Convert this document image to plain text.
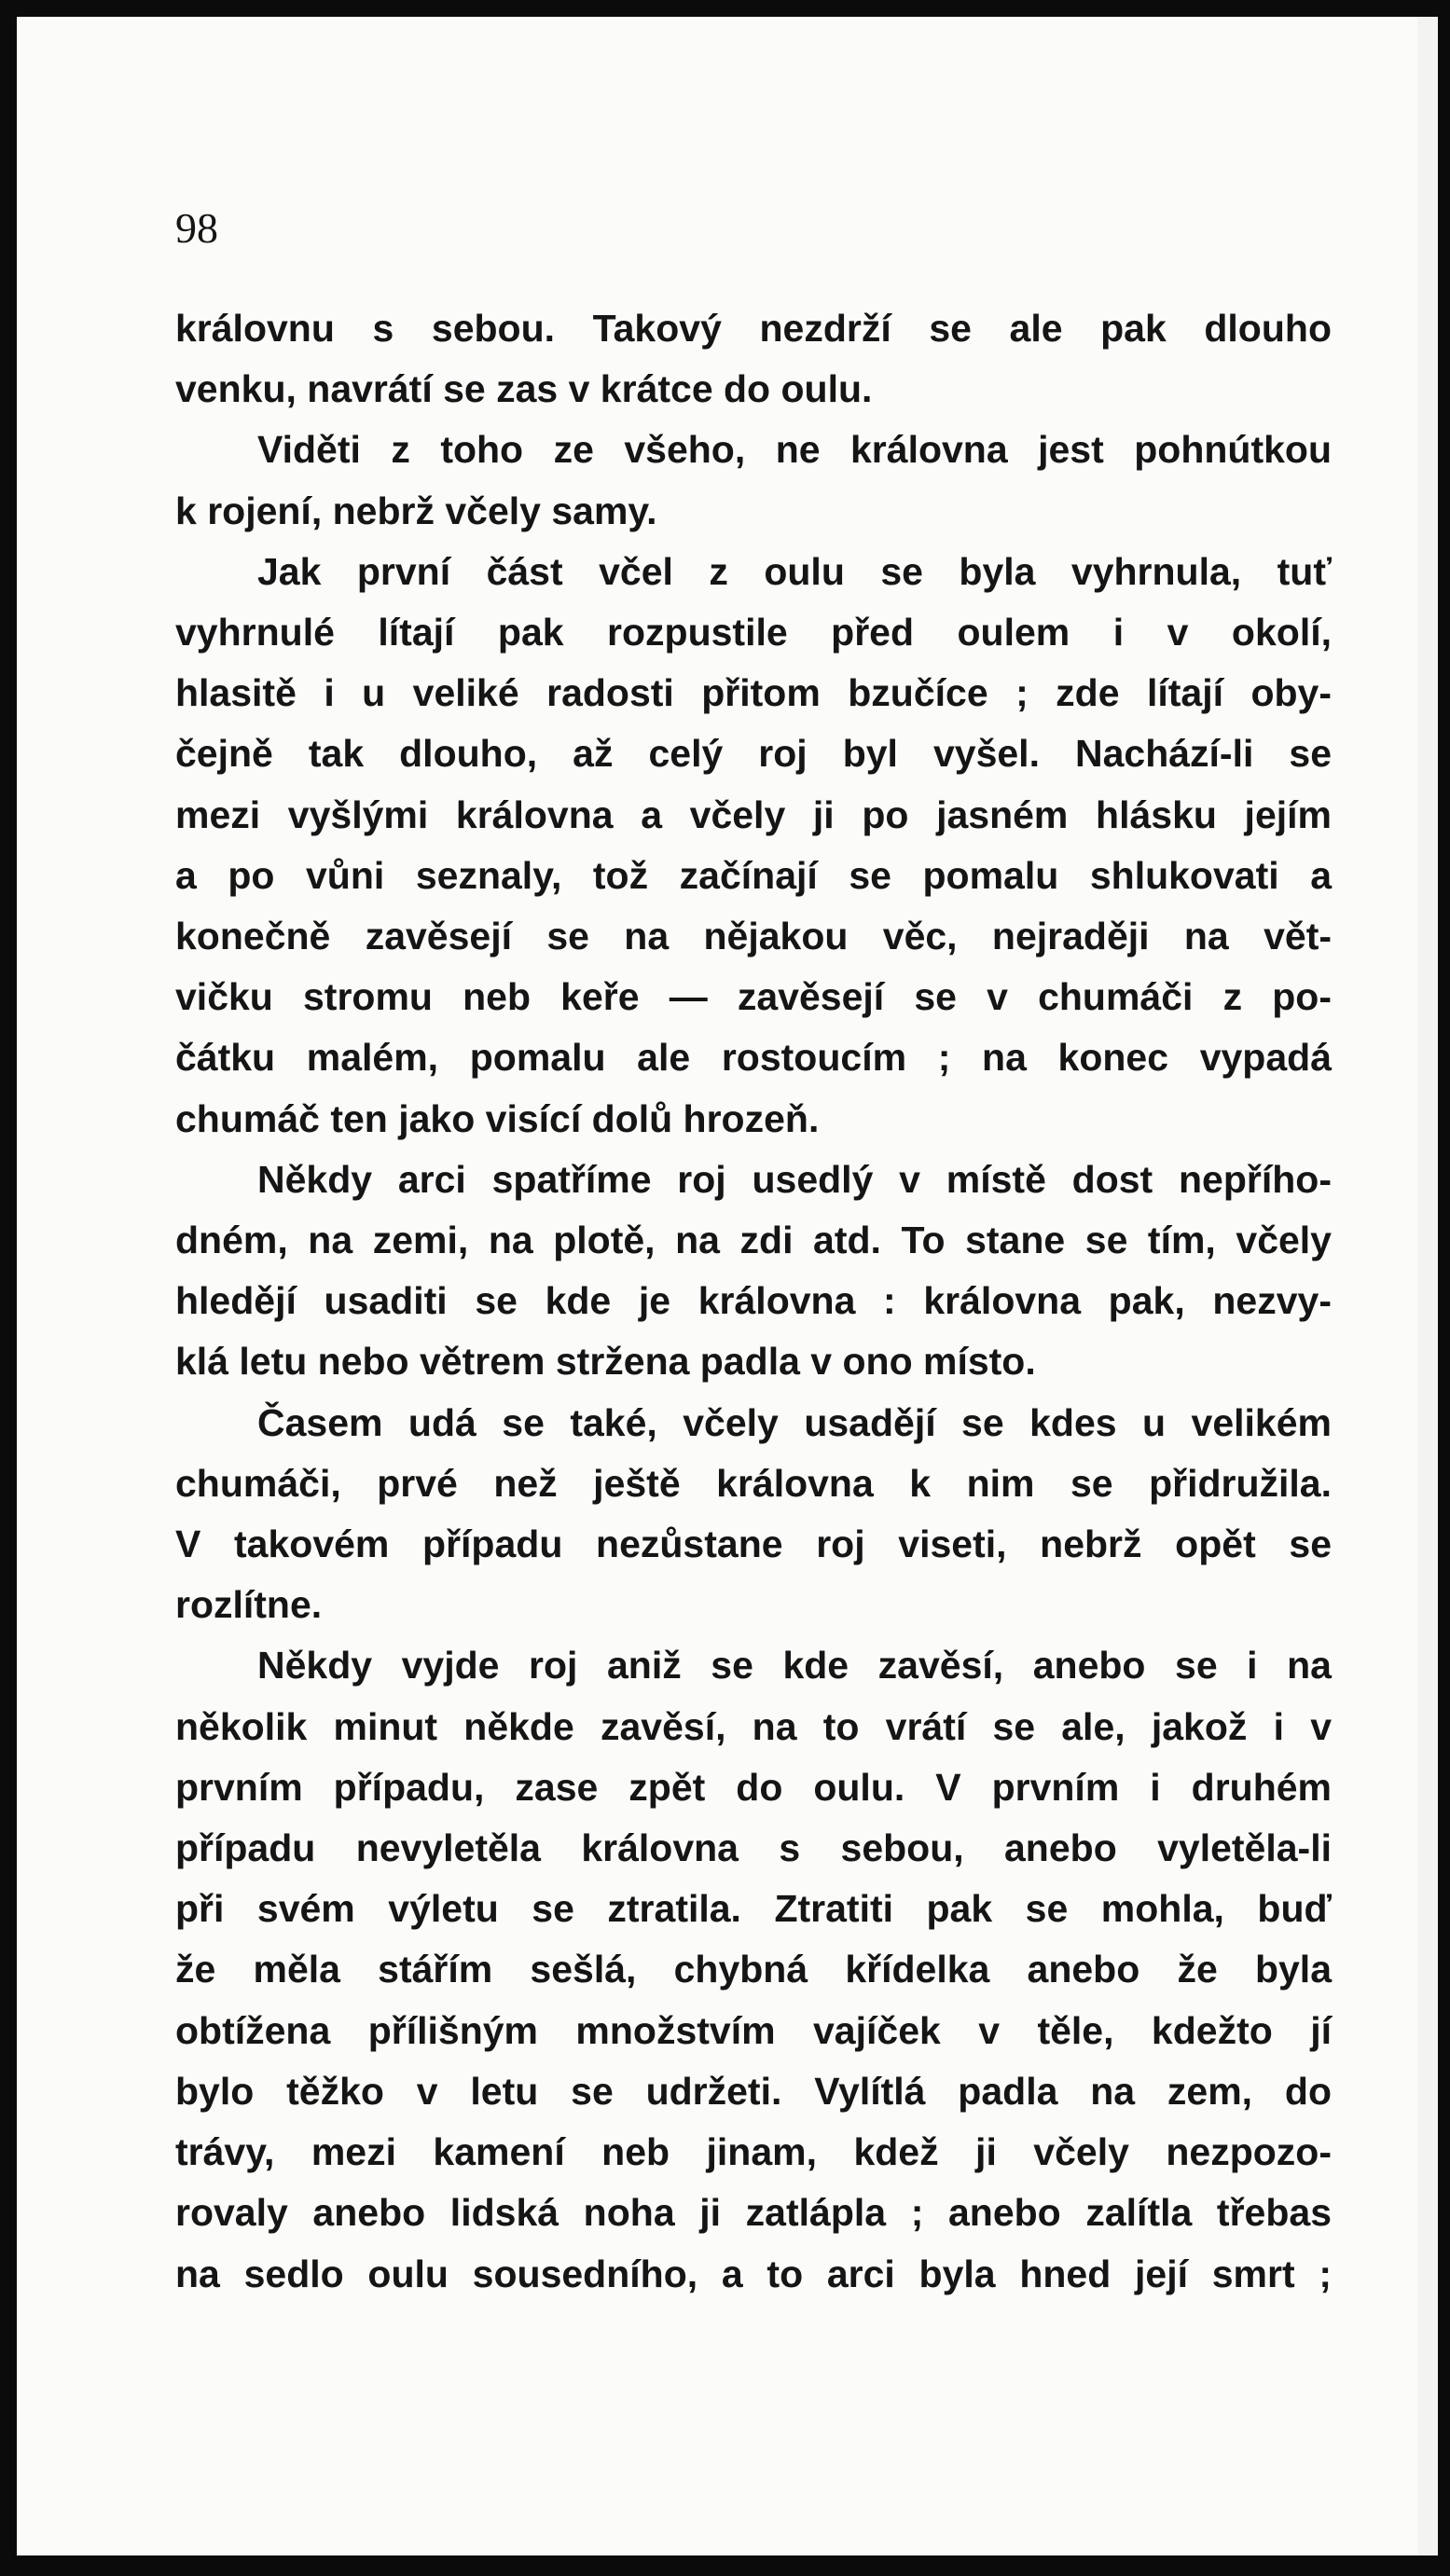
98

královnu s sebou. Takový nezdrží se ale pak dlouho
venku, navrátí se zas v krátce do oulu.

Viděti z toho ze všeho, ne královna jest pohnútkou
k rojení, nebrž včely samy.

Jak první část včel z oulu se byla vyhrnula, tuť
vyhrnulé lítají pak rozpustile před oulem i v okolí,
hlasitě i u veliké radosti přitom bzučíce ; zde lítají oby-
čejně tak dlouho, až celý roj byl vyšel. Nachází-li se
mezi vyšlými královna a včely ji po jasném hlásku jejím
a po vůni seznaly, tož začínají se pomalu shlukovati a
konečně zavěsejí se na nějakou věc, nejraději na vět-
vičku stromu neb keře — zavěsejí se v chumáči z po-
čátku malém, pomalu ale rostoucím ; na konec vypadá
chumáč ten jako visící dolů hrozeň.

Někdy arci spatříme roj usedlý v místě dost nepřího-
dném, na zemi, na plotě, na zdi atd. To stane se tím, včely
hledějí usaditi se kde je královna : královna pak, nezvy-
klá letu nebo větrem stržena padla v ono místo.

Časem udá se také, včely usadějí se kdes u velikém
chumáči, prvé než ještě královna k nim se přidružila.
V takovém případu nezůstane roj viseti, nebrž opět se
rozlítne.

Někdy vyjde roj aniž se kde zavěsí, anebo se i na
několik minut někde zavěsí, na to vrátí se ale, jakož i v
prvním případu, zase zpět do oulu. V prvním i druhém
případu nevyletěla královna s sebou, anebo vyletěla-li
při svém výletu se ztratila. Ztratiti pak se mohla, buď
že měla stářím sešlá, chybná křídelka anebo že byla
obtížena přílišným množstvím vajíček v těle, kdežto jí
bylo těžko v letu se udržeti. Vylítlá padla na zem, do
trávy, mezi kamení neb jinam, kdež ji včely nezpozo-
rovaly anebo lidská noha ji zatlápla ; anebo zalítla třebas
na sedlo oulu sousedního, a to arci byla hned její smrt ;
